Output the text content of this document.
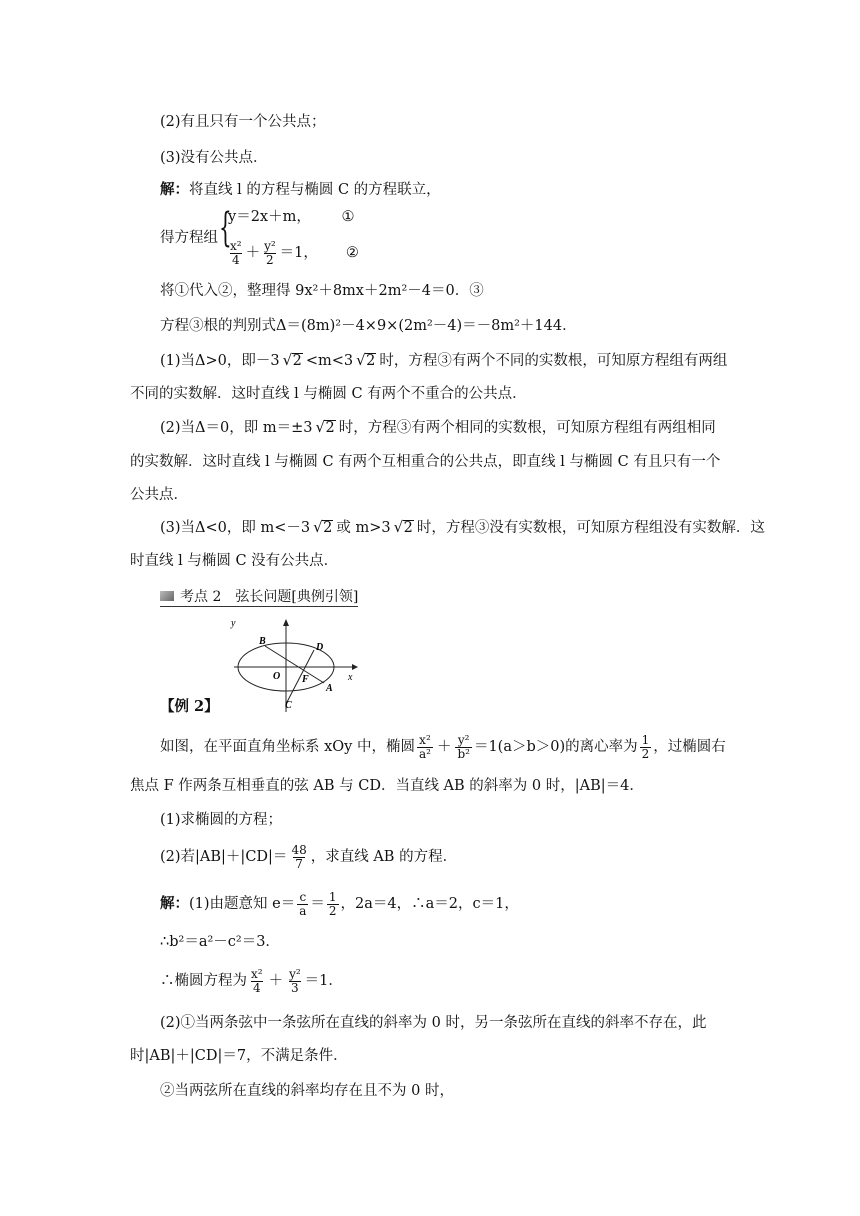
(2)有且只有一个公共点；
(3)没有公共点．
解：将直线 l 的方程与椭圆 C 的方程联立，
得方程组 {
y＝2x＋m， ①
$\frac{\text{x²}}{4} + \frac{\text{y²}}{2} =1$， ②
将①代入②，整理得 9x²＋8mx＋2m²－4＝0．③
方程③根的判别式Δ＝(8m)²－4×9×(2m²－4)＝－8m²＋144．
(1)当Δ>0，即－3 √ 2 <m<3 √ 2 时，方程③有两个不同的实数根，可知原方程组有两组
不同的实数解．这时直线 l 与椭圆 C 有两个不重合的公共点．
(2)当Δ＝0，即 m＝±3 √ 2 时，方程③有两个相同的实数根，可知原方程组有两组相同
的实数解．这时直线 l 与椭圆 C 有两个互相重合的公共点，即直线 l 与椭圆 C 有且只有一个
公共点．
(3)当Δ<0，即 m<－3 √ 2 或 m>3 √ 2 时，方程③没有实数根，可知原方程组没有实数解．这
时直线 l 与椭圆 C 没有公共点．
考点 2　弦长问题[典例引领]
y
x
O
B
D
F
A
C
【例 2】
如图，在平面直角坐标系 xOy 中，椭圆 $\frac{\text{x²}}{\text{a²}} + \frac{\text{y²}}{\text{b²}} =1(a>b>0)$的离心率为 $\frac{1}{2}$ ，过椭圆右
焦点 F 作两条互相垂直的弦 AB 与 CD．当直线 AB 的斜率为 0 时，|AB|＝4．
(1)求椭圆的方程；
(2)若$|AB|+|CD|= \frac{48}{7}$ ，求直线 AB 的方程．
解： (1)由题意知 $e= \frac{c}{a} = \frac{1}{2}$ ，2a＝4，∴a＝2，c＝1，
∴b²＝a²－c²＝3．
∴椭圆方程为 $\frac{\text{x²}}{4} + \frac{\text{y²}}{3} =1$．
(2)①当两条弦中一条弦所在直线的斜率为 0 时，另一条弦所在直线的斜率不存在，此
时|AB|＋|CD|＝7，不满足条件．
②当两弦所在直线的斜率均存在且不为 0 时，
